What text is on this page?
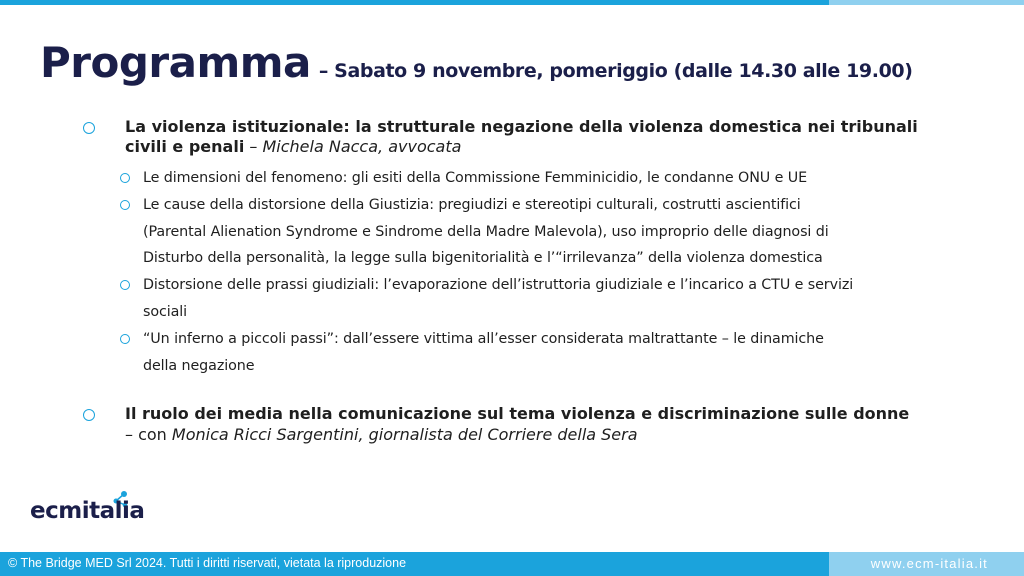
Programma – Sabato 9 novembre, pomeriggio (dalle 14.30 alle 19.00)
La violenza istituzionale: la strutturale negazione della violenza domestica nei tribunali
civili e penali – Michela Nacca, avvocata
Le dimensioni del fenomeno: gli esiti della Commissione Femminicidio, le condanne ONU e UE
Le cause della distorsione della Giustizia: pregiudizi e stereotipi culturali, costrutti ascientifici
(Parental Alienation Syndrome e Sindrome della Madre Malevola), uso improprio delle diagnosi di
Disturbo della personalità, la legge sulla bigenitorialità e l’“irrilevanza” della violenza domestica
Distorsione delle prassi giudiziali: l’evaporazione dell’istruttoria giudiziale e l’incarico a CTU e servizi
sociali
“Un inferno a piccoli passi”: dall’essere vittima all’esser considerata maltrattante – le dinamiche
della negazione
Il ruolo dei media nella comunicazione sul tema violenza e discriminazione sulle donne
– con Monica Ricci Sargentini, giornalista del Corriere della Sera
ecmitalia
© The Bridge MED Srl 2024. Tutti i diritti riservati, vietata la riproduzione	www.ecm-italia.it
